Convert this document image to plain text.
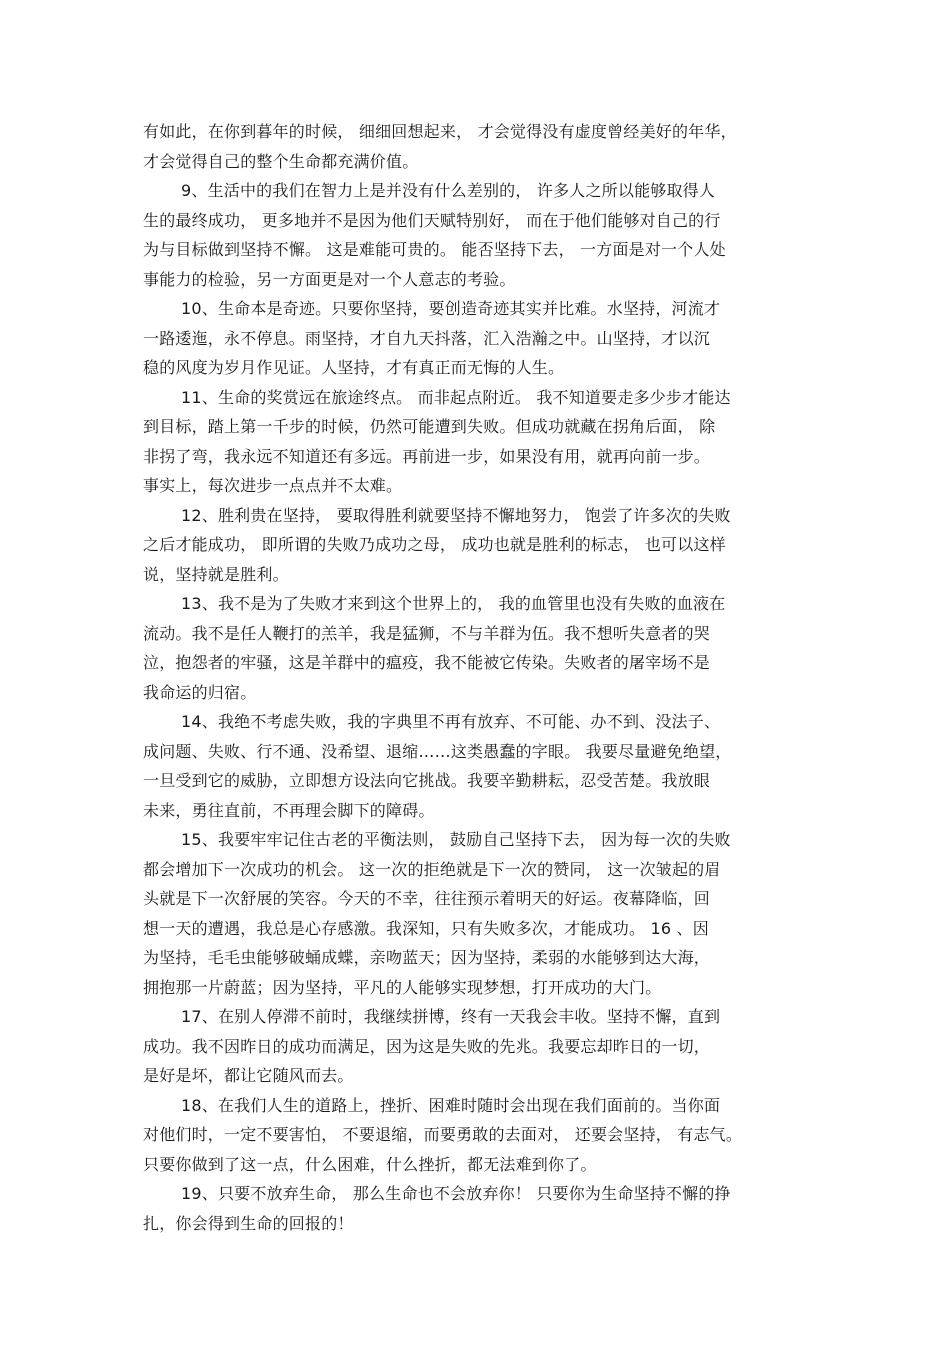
有如此，在你到暮年的时候， 细细回想起来， 才会觉得没有虚度曾经美好的年华，
才会觉得自己的整个生命都充满价值。
9、生活中的我们在智力上是并没有什么差别的， 许多人之所以能够取得人
生的最终成功， 更多地并不是因为他们天赋特别好， 而在于他们能够对自己的行
为与目标做到坚持不懈。 这是难能可贵的。 能否坚持下去， 一方面是对一个人处
事能力的检验，另一方面更是对一个人意志的考验。
10、生命本是奇迹。只要你坚持，要创造奇迹其实并比难。水坚持，河流才
一路逶迤，永不停息。雨坚持，才自九天抖落，汇入浩瀚之中。山坚持，才以沉
稳的风度为岁月作见证。人坚持，才有真正而无悔的人生。
11、生命的奖赏远在旅途终点。 而非起点附近。 我不知道要走多少步才能达
到目标，踏上第一千步的时候，仍然可能遭到失败。但成功就藏在拐角后面， 除
非拐了弯，我永远不知道还有多远。再前进一步，如果没有用，就再向前一步。
事实上，每次进步一点点并不太难。
12、胜利贵在坚持， 要取得胜利就要坚持不懈地努力， 饱尝了许多次的失败
之后才能成功， 即所谓的失败乃成功之母， 成功也就是胜利的标志， 也可以这样
说，坚持就是胜利。
13、我不是为了失败才来到这个世界上的， 我的血管里也没有失败的血液在
流动。我不是任人鞭打的羔羊，我是猛狮，不与羊群为伍。我不想听失意者的哭
泣，抱怨者的牢骚，这是羊群中的瘟疫，我不能被它传染。失败者的屠宰场不是
我命运的归宿。
14、我绝不考虑失败，我的字典里不再有放弃、不可能、办不到、没法子、
成问题、失败、行不通、没希望、退缩……这类愚蠢的字眼。 我要尽量避免绝望，
一旦受到它的威胁，立即想方设法向它挑战。我要辛勤耕耘，忍受苦楚。我放眼
未来，勇往直前，不再理会脚下的障碍。
15、我要牢牢记住古老的平衡法则， 鼓励自己坚持下去， 因为每一次的失败
都会增加下一次成功的机会。 这一次的拒绝就是下一次的赞同， 这一次皱起的眉
头就是下一次舒展的笑容。今天的不幸，往往预示着明天的好运。夜幕降临，回
想一天的遭遇，我总是心存感激。我深知，只有失败多次，才能成功。 16 、因
为坚持，毛毛虫能够破蛹成蝶，亲吻蓝天；因为坚持，柔弱的水能够到达大海，
拥抱那一片蔚蓝；因为坚持，平凡的人能够实现梦想，打开成功的大门。
17、在别人停滞不前时，我继续拼博，终有一天我会丰收。坚持不懈，直到
成功。我不因昨日的成功而满足，因为这是失败的先兆。我要忘却昨日的一切，
是好是坏，都让它随风而去。
18、在我们人生的道路上，挫折、困难时随时会出现在我们面前的。当你面
对他们时，一定不要害怕， 不要退缩，而要勇敢的去面对， 还要会坚持， 有志气。
只要你做到了这一点，什么困难，什么挫折，都无法难到你了。
19、只要不放弃生命， 那么生命也不会放弃你！ 只要你为生命坚持不懈的挣
扎，你会得到生命的回报的！
